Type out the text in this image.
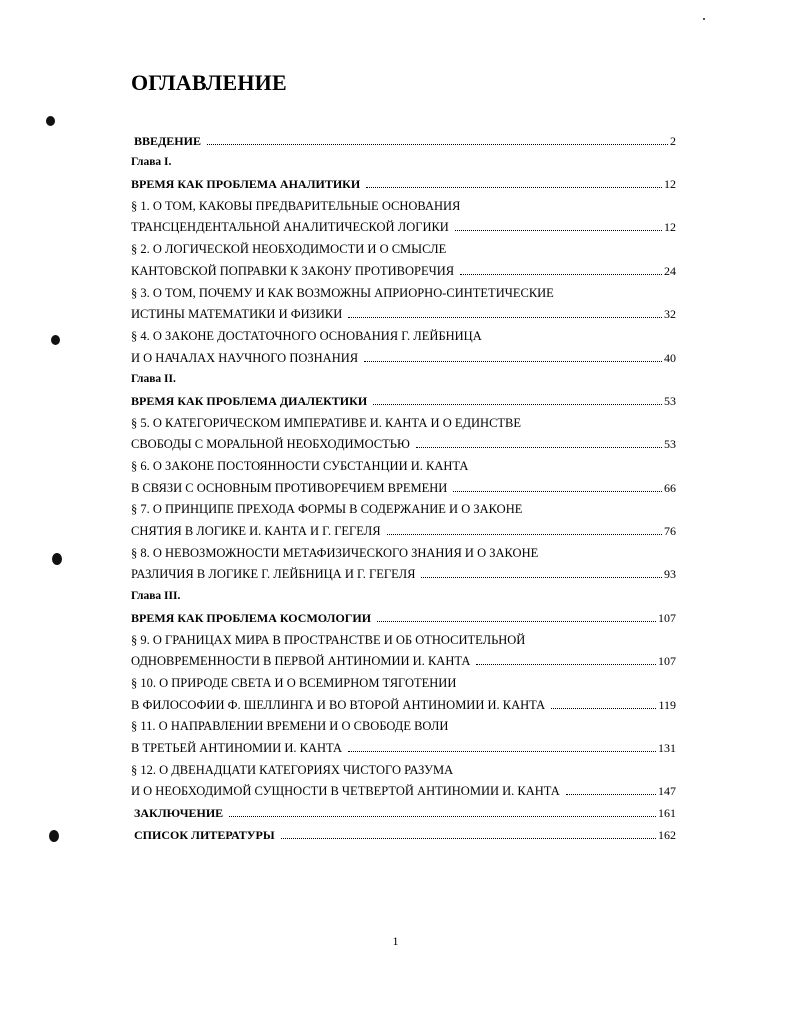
ОГЛАВЛЕНИЕ
ВВЕДЕНИЕ	2
Глава I.
ВРЕМЯ КАК ПРОБЛЕМА АНАЛИТИКИ	12
§ 1. О ТОМ, КАКОВЫ ПРЕДВАРИТЕЛЬНЫЕ ОСНОВАНИЯ
ТРАНСЦЕНДЕНТАЛЬНОЙ АНАЛИТИЧЕСКОЙ ЛОГИКИ	12
§ 2. О ЛОГИЧЕСКОЙ НЕОБХОДИМОСТИ И О СМЫСЛЕ
КАНТОВСКОЙ ПОПРАВКИ К ЗАКОНУ ПРОТИВОРЕЧИЯ	24
§ 3. О ТОМ, ПОЧЕМУ И КАК ВОЗМОЖНЫ АПРИОРНО-СИНТЕТИЧЕСКИЕ
ИСТИНЫ МАТЕМАТИКИ И ФИЗИКИ	32
§ 4. О ЗАКОНЕ ДОСТАТОЧНОГО ОСНОВАНИЯ Г. ЛЕЙБНИЦА
И О НАЧАЛАХ НАУЧНОГО ПОЗНАНИЯ	40
Глава II.
ВРЕМЯ КАК ПРОБЛЕМА ДИАЛЕКТИКИ	53
§ 5. О КАТЕГОРИЧЕСКОМ ИМПЕРАТИВЕ И. КАНТА И О ЕДИНСТВЕ
СВОБОДЫ С МОРАЛЬНОЙ НЕОБХОДИМОСТЬЮ	53
§ 6. О ЗАКОНЕ ПОСТОЯННОСТИ СУБСТАНЦИИ И. КАНТА
В СВЯЗИ С ОСНОВНЫМ ПРОТИВОРЕЧИЕМ ВРЕМЕНИ	66
§ 7. О ПРИНЦИПЕ ПРЕХОДА ФОРМЫ В СОДЕРЖАНИЕ И О ЗАКОНЕ
СНЯТИЯ В ЛОГИКЕ И. КАНТА И Г. ГЕГЕЛЯ	76
§ 8. О НЕВОЗМОЖНОСТИ МЕТАФИЗИЧЕСКОГО ЗНАНИЯ И О ЗАКОНЕ
РАЗЛИЧИЯ В ЛОГИКЕ Г. ЛЕЙБНИЦА И Г. ГЕГЕЛЯ	93
Глава III.
ВРЕМЯ КАК ПРОБЛЕМА КОСМОЛОГИИ	107
§ 9. О ГРАНИЦАХ МИРА В ПРОСТРАНСТВЕ И ОБ ОТНОСИТЕЛЬНОЙ
ОДНОВРЕМЕННОСТИ В ПЕРВОЙ АНТИНОМИИ И. КАНТА	107
§ 10. О ПРИРОДЕ СВЕТА И О ВСЕМИРНОМ ТЯГОТЕНИИ
В ФИЛОСОФИИ Ф. ШЕЛЛИНГА И ВО ВТОРОЙ АНТИНОМИИ И. КАНТА	119
§ 11. О НАПРАВЛЕНИИ ВРЕМЕНИ И О СВОБОДЕ ВОЛИ
В ТРЕТЬЕЙ АНТИНОМИИ И. КАНТА	131
§ 12. О ДВЕНАДЦАТИ КАТЕГОРИЯХ ЧИСТОГО РАЗУМА
И О НЕОБХОДИМОЙ СУЩНОСТИ В ЧЕТВЕРТОЙ АНТИНОМИИ И. КАНТА	147
ЗАКЛЮЧЕНИЕ	161
СПИСОК ЛИТЕРАТУРЫ	162
1
